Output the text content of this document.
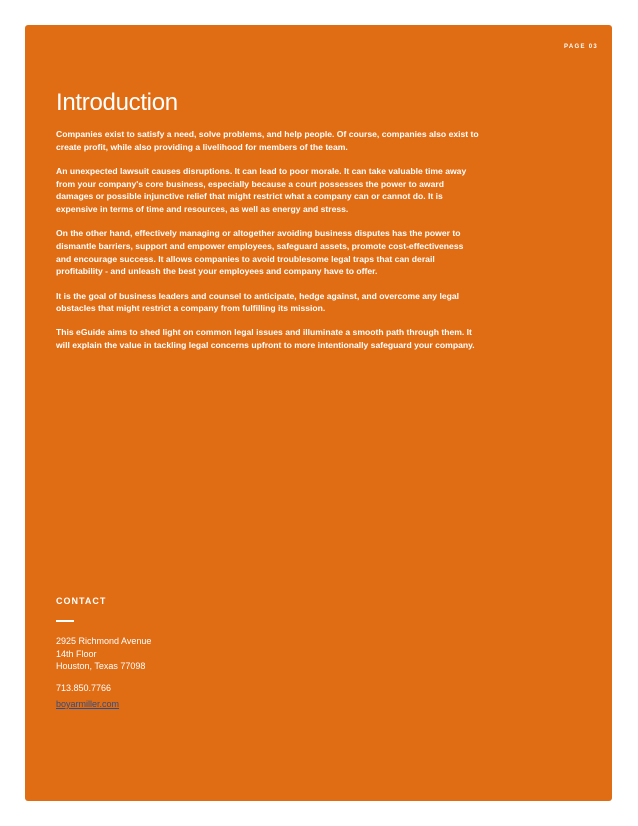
PAGE 03
Introduction

Companies exist to satisfy a need, solve problems, and help people. Of course, companies also exist to create profit, while also providing a livelihood for members of the team.

An unexpected lawsuit causes disruptions. It can lead to poor morale. It can take valuable time away from your company's core business, especially because a court possesses the power to award damages or possible injunctive relief that might restrict what a company can or cannot do. It is expensive in terms of time and resources, as well as energy and stress.

On the other hand, effectively managing or altogether avoiding business disputes has the power to dismantle barriers, support and empower employees, safeguard assets, promote cost-effectiveness and encourage success. It allows companies to avoid troublesome legal traps that can derail profitability - and unleash the best your employees and company have to offer.

It is the goal of business leaders and counsel to anticipate, hedge against, and overcome any legal obstacles that might restrict a company from fulfilling its mission.

This eGuide aims to shed light on common legal issues and illuminate a smooth path through them. It will explain the value in tackling legal concerns upfront to more intentionally safeguard your company.

CONTACT
2925 Richmond Avenue
14th Floor
Houston, Texas 77098
713.850.7766
boyarmiller.com
